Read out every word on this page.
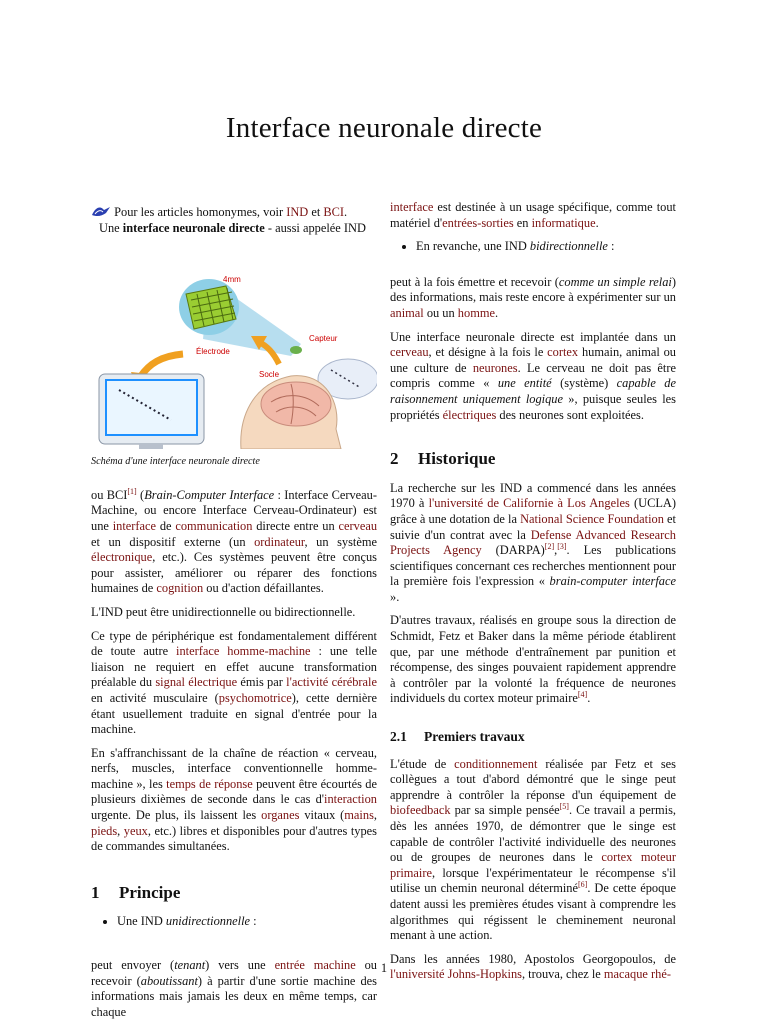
Interface neuronale directe
Pour les articles homonymes, voir IND et BCI.

Une interface neuronale directe - aussi appelée IND

4mm
Électrode
Capteur
Socle
Schéma d'une interface neuronale directe

ou BCI[1] (Brain-Computer Interface : Interface Cerveau-Machine, ou encore Interface Cerveau-Ordinateur) est une interface de communication directe entre un cerveau et un dispositif externe (un ordinateur, un système électronique, etc.). Ces systèmes peuvent être conçus pour assister, améliorer ou réparer des fonctions humaines de cognition ou d'action défaillantes.

L'IND peut être unidirectionnelle ou bidirectionnelle.

Ce type de périphérique est fondamentalement différent de toute autre interface homme-machine : une telle liaison ne requiert en effet aucune transformation préalable du signal électrique émis par l'activité cérébrale en activité musculaire (psychomotrice), cette dernière étant usuellement traduite en signal d'entrée pour la machine.

En s'affranchissant de la chaîne de réaction « cerveau, nerfs, muscles, interface conventionnelle homme-machine », les temps de réponse peuvent être écourtés de plusieurs dixièmes de seconde dans le cas d'interaction urgente. De plus, ils laissent les organes vitaux (mains, pieds, yeux, etc.) libres et disponibles pour d'autres types de commandes simultanées.

1 Principe
• Une IND unidirectionnelle :

peut envoyer (tenant) vers une entrée machine ou recevoir (aboutissant) à partir d'une sortie machine des informations mais jamais les deux en même temps, car chaque

interface est destinée à un usage spécifique, comme tout matériel d'entrées-sorties en informatique.

• En revanche, une IND bidirectionnelle :

peut à la fois émettre et recevoir (comme un simple relai) des informations, mais reste encore à expérimenter sur un animal ou un homme.

Une interface neuronale directe est implantée dans un cerveau, et désigne à la fois le cortex humain, animal ou une culture de neurones. Le cerveau ne doit pas être compris comme « une entité (système) capable de raisonnement uniquement logique », puisque seules les propriétés électriques des neurones sont exploitées.

2 Historique

La recherche sur les IND a commencé dans les années 1970 à l'université de Californie à Los Angeles (UCLA) grâce à une dotation de la National Science Foundation et suivie d'un contrat avec la Defense Advanced Research Projects Agency (DARPA)[2],[3]. Les publications scientifiques concernant ces recherches mentionnent pour la première fois l'expression « brain-computer interface ».

D'autres travaux, réalisés en groupe sous la direction de Schmidt, Fetz et Baker dans la même période établirent que, par une méthode d'entraînement par punition et récompense, des singes pouvaient rapidement apprendre à contrôler par la volonté la fréquence de neurones individuels du cortex moteur primaire[4].

2.1 Premiers travaux

L'étude de conditionnement réalisée par Fetz et ses collègues a tout d'abord démontré que le singe peut apprendre à contrôler la réponse d'un équipement de biofeedback par sa simple pensée[5]. Ce travail a permis, dès les années 1970, de démontrer que le singe est capable de contrôler l'activité individuelle des neurones ou de groupes de neurones dans le cortex moteur primaire, lorsque l'expérimentateur le récompense s'il utilise un chemin neuronal déterminé[6]. De cette époque datent aussi les premières études visant à comprendre les algorithmes qui régissent le cheminement neuronal menant à une action.

Dans les années 1980, Apostolos Georgopoulos, de l'université Johns-Hopkins, trouva, chez le macaque rhé-

1
